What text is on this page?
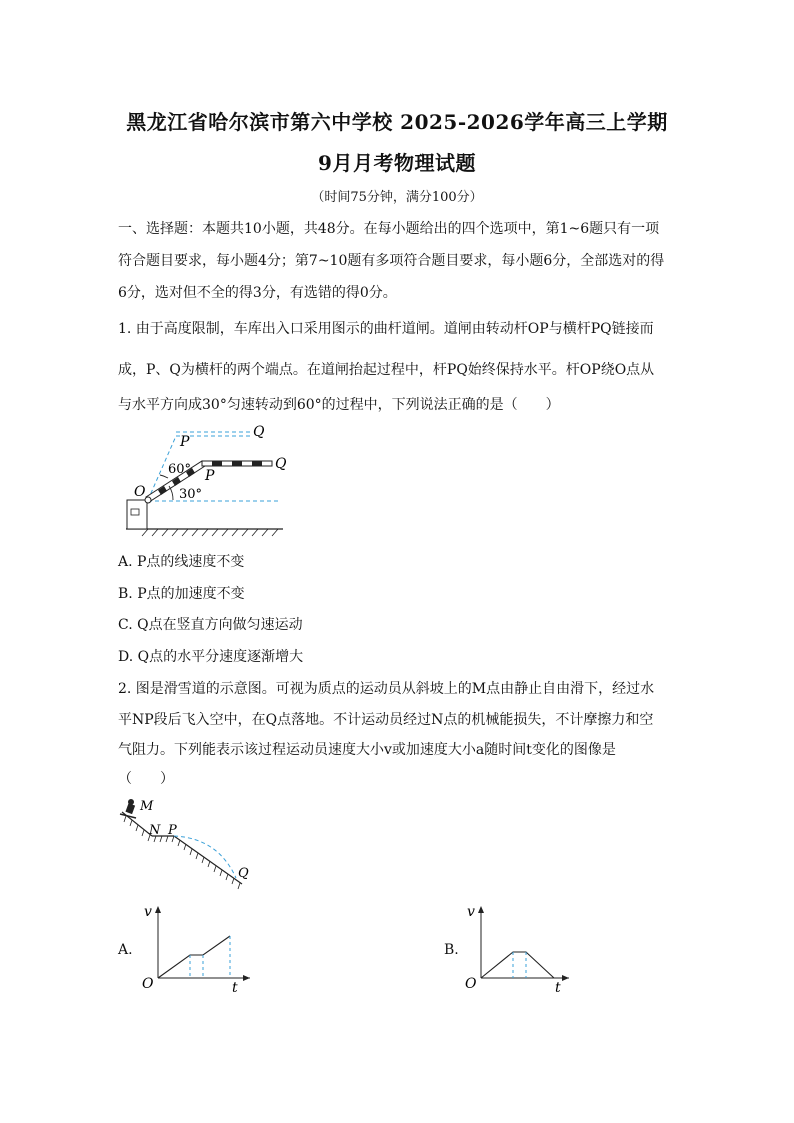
黑龙江省哈尔滨市第六中学校 2025-2026学年高三上学期
9月月考物理试题
（时间75分钟，满分100分）
一、选择题：本题共10小题，共48分。在每小题给出的四个选项中，第1~6题只有一项
符合题目要求，每小题4分；第7~10题有多项符合题目要求，每小题6分，全部选对的得
6分，选对但不全的得3分，有选错的得0分。
1. 由于高度限制，车库出入口采用图示的曲杆道闸。道闸由转动杆OP与横杆PQ链接而
成，P、Q为横杆的两个端点。在道闸抬起过程中，杆PQ始终保持水平。杆OP绕O点从
与水平方向成30°匀速转动到60°的过程中，下列说法正确的是（　　）
O
P
Q
P
Q
60°
30°
A. P点的线速度不变
B. P点的加速度不变
C. Q点在竖直方向做匀速运动
D. Q点的水平分速度逐渐增大
2. 图是滑雪道的示意图。可视为质点的运动员从斜坡上的M点由静止自由滑下，经过水
平NP段后飞入空中，在Q点落地。不计运动员经过N点的机械能损失，不计摩擦力和空
气阻力。下列能表示该过程运动员速度大小v或加速度大小a随时间t变化的图像是
（　　）
M
N P
Q
A.
v
t
O
B.
v
t
O
